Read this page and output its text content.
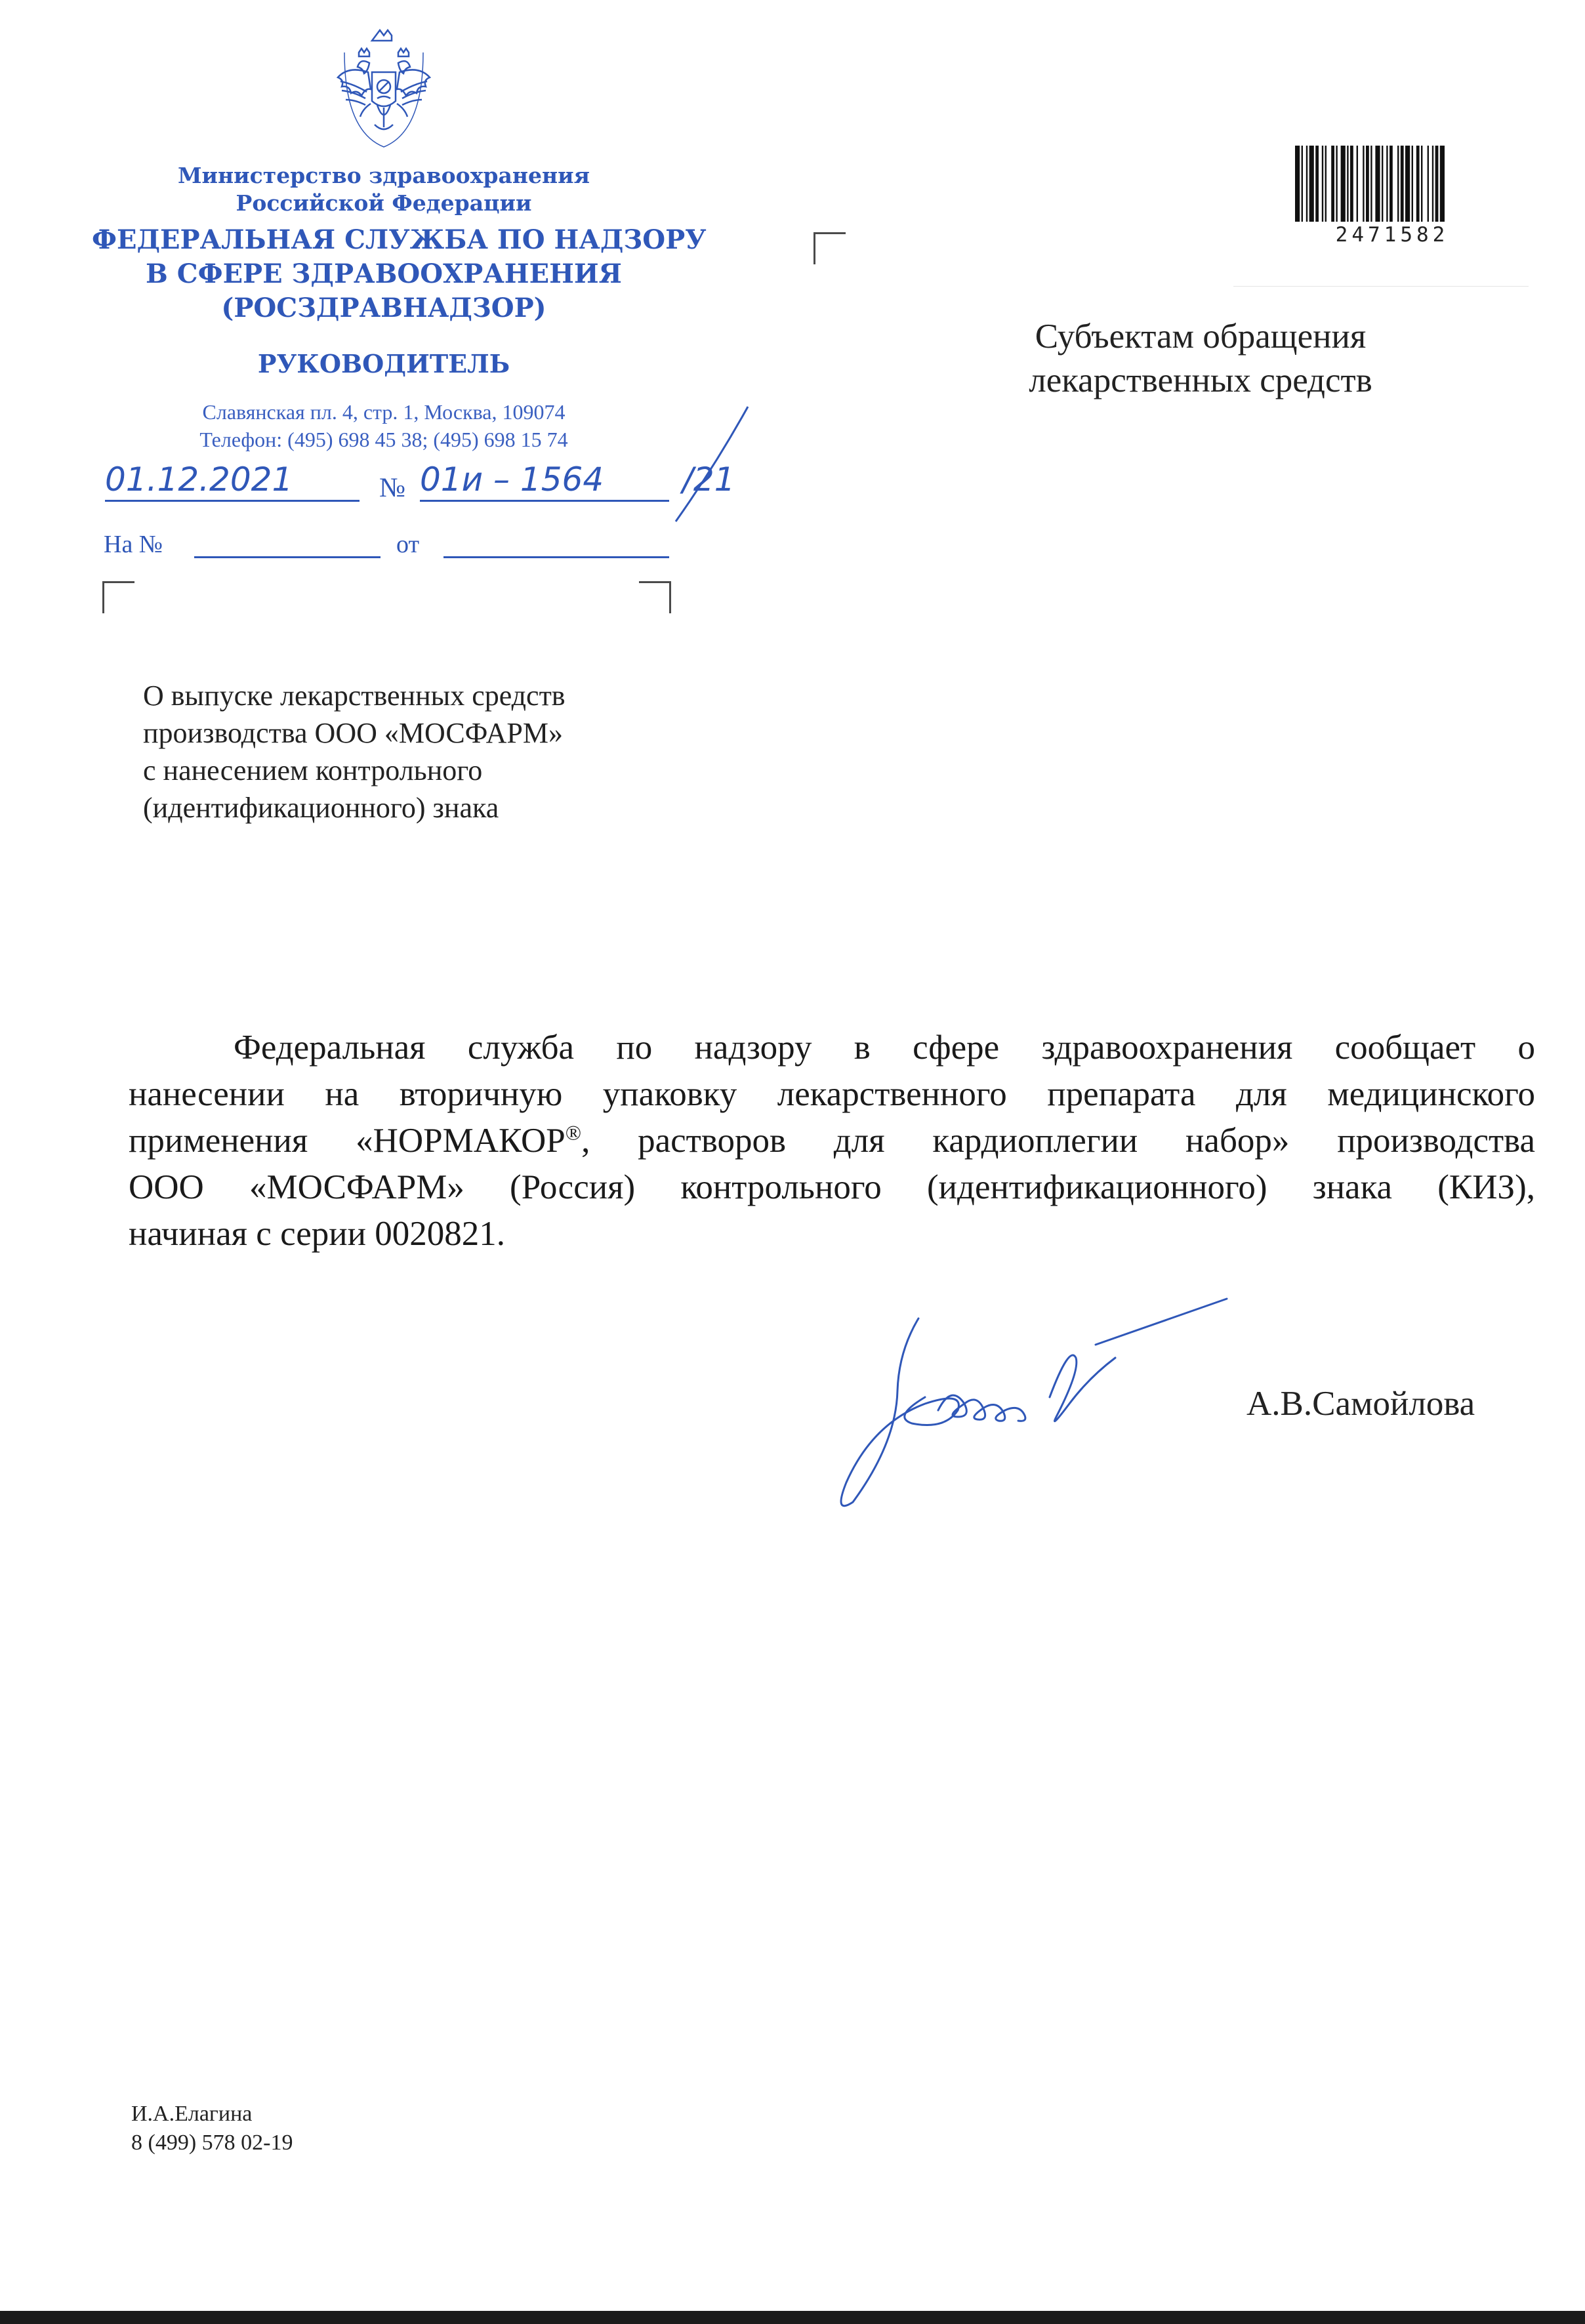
Министерство здравоохранения
Российской Федерации
ФЕДЕРАЛЬНАЯ СЛУЖБА ПО НАДЗОРУ
В СФЕРЕ ЗДРАВООХРАНЕНИЯ
(РОСЗДРАВНАДЗОР)
РУКОВОДИТЕЛЬ
Славянская пл. 4, стр. 1, Москва, 109074
Телефон: (495) 698 45 38; (495) 698 15 74
01.12.2021	№ 01и – 1564 /21
На №	от
2471582
Субъектам обращения
лекарственных средств
О выпуске лекарственных средств
производства ООО «МОСФАРМ»
с нанесением контрольного
(идентификационного) знака
Федеральная служба по надзору в сфере здравоохранения сообщает о
нанесении на вторичную упаковку лекарственного препарата для медицинского
применения «НОРМАКОР®, растворов для кардиоплегии набор» производства
ООО «МОСФАРМ» (Россия) контрольного (идентификационного) знака (КИЗ),
начиная с серии 0020821.
А.В.Самойлова
И.А.Елагина
8 (499) 578 02-19
